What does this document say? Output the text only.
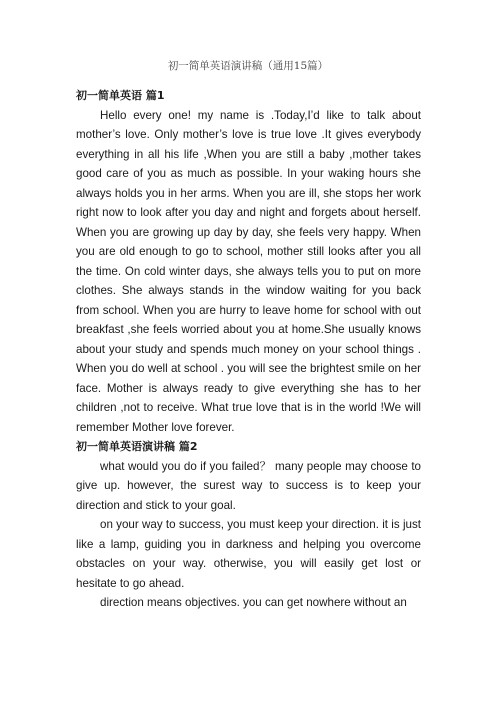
初一简单英语演讲稿（通用15篇）
初一简单英语 篇1

Hello every one! my name is .Today,I’d like to talk about mother’s love. Only mother’s love is true love .It gives everybody everything in all his life ,When you are still a baby ,mother takes good care of you as much as possible. In your waking hours she always holds you in her arms. When you are ill, she stops her work right now to look after you day and night and forgets about herself. When you are growing up day by day, she feels very happy. When you are old enough to go to school, mother still looks after you all the time. On cold winter days, she always tells you to put on more clothes. She always stands in the window waiting for you back from school. When you are hurry to leave home for school with out breakfast ,she feels worried about you at home.She usually knows about your study and spends much money on your school things . When you do well at school . you will see the brightest smile on her face. Mother is always ready to give everything she has to her children ,not to receive. What true love that is in the world !We will remember Mother love forever.

初一简单英语演讲稿 篇2

what would you do if you failed？ many people may choose to give up. however, the surest way to success is to keep your direction and stick to your goal.

on your way to success, you must keep your direction. it is just like a lamp, guiding you in darkness and helping you overcome obstacles on your way. otherwise, you will easily get lost or hesitate to go ahead.

direction means objectives. you can get nowhere without an
